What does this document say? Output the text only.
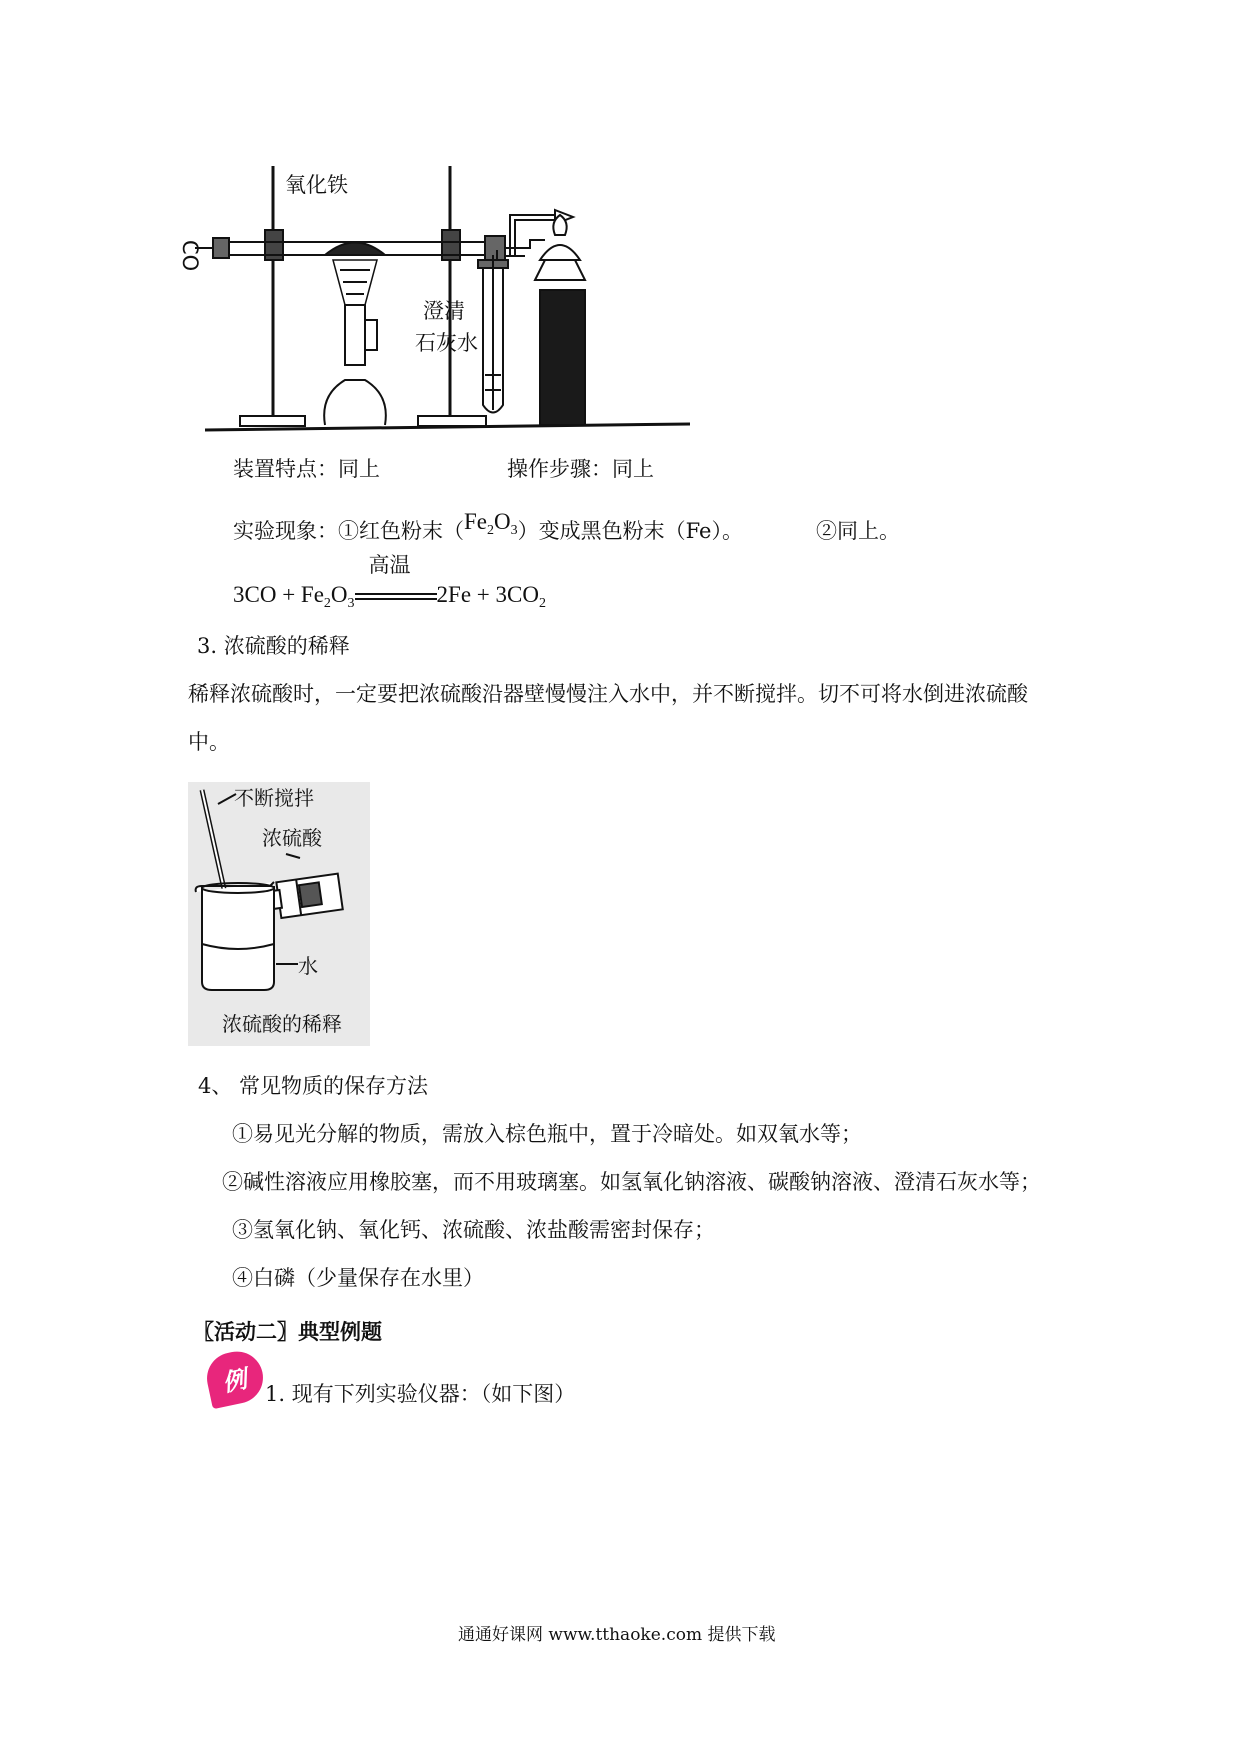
氧化铁
CO
澄清
石灰水
装置特点：同上	操作步骤：同上
实验现象：①红色粉末$(Fe_2O_3)$变成黑色粉末（Fe）。	②同上。
$3CO + Fe_2O_3$
高温
$2Fe + 3CO_2$
3. 浓硫酸的稀释
稀释浓硫酸时，一定要把浓硫酸沿器壁慢慢注入水中，并不断搅拌。切不可将水倒进浓硫酸
中。
不断搅拌
浓硫酸
水
浓硫酸的稀释
4、 常见物质的保存方法
①易见光分解的物质，需放入棕色瓶中，置于冷暗处。如双氧水等；
②碱性溶液应用橡胶塞，而不用玻璃塞。如氢氧化钠溶液、碳酸钠溶液、澄清石灰水等；
③氢氧化钠、氧化钙、浓硫酸、浓盐酸需密封保存；
④白磷（少量保存在水里）
〖活动二〗典型例题
例 1. 现有下列实验仪器：（如下图）
通通好课网 www.tthaoke.com 提供下载
